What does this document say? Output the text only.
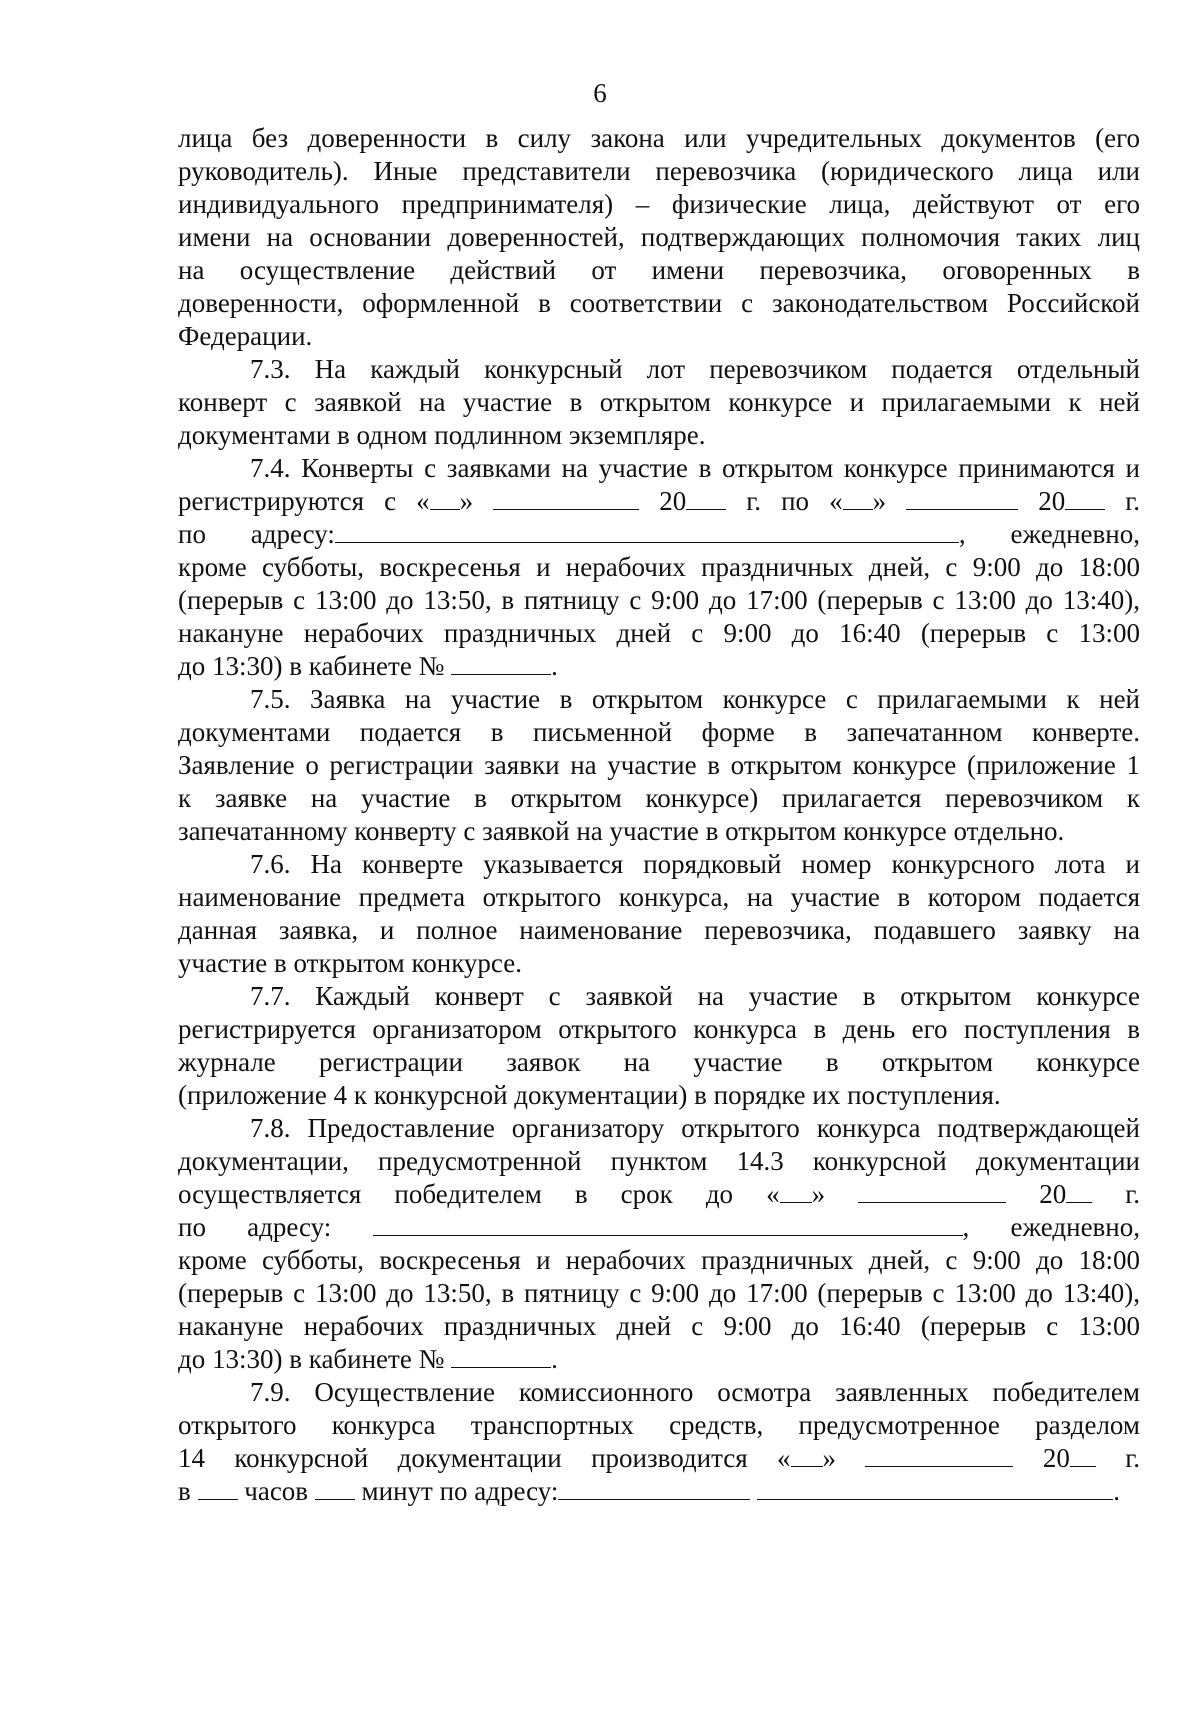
6
лица без доверенности в силу закона или учредительных документов (его
руководитель). Иные представители перевозчика (юридического лица или
индивидуального предпринимателя) – физические лица, действуют от его
имени на основании доверенностей, подтверждающих полномочия таких лиц
на осуществление действий от имени перевозчика, оговоренных в
доверенности, оформленной в соответствии с законодательством Российской
Федерации.
7.3. На каждый конкурсный лот перевозчиком подается отдельный
конверт с заявкой на участие в открытом конкурсе и прилагаемыми к ней
документами в одном подлинном экземпляре.
7.4. Конверты с заявками на участие в открытом конкурсе принимаются и
регистрируются с « »	20 г. по « »	20 г.
по адресу:	, ежедневно,
кроме субботы, воскресенья и нерабочих праздничных дней, с 9:00 до 18:00
(перерыв с 13:00 до 13:50, в пятницу с 9:00 до 17:00 (перерыв с 13:00 до 13:40),
накануне нерабочих праздничных дней с 9:00 до 16:40 (перерыв с 13:00
до 13:30) в кабинете №	.
7.5. Заявка на участие в открытом конкурсе с прилагаемыми к ней
документами подается в письменной форме в запечатанном конверте.
Заявление о регистрации заявки на участие в открытом конкурсе (приложение 1
к заявке на участие в открытом конкурсе) прилагается перевозчиком к
запечатанному конверту с заявкой на участие в открытом конкурсе отдельно.
7.6. На конверте указывается порядковый номер конкурсного лота и
наименование предмета открытого конкурса, на участие в котором подается
данная заявка, и полное наименование перевозчика, подавшего заявку на
участие в открытом конкурсе.
7.7. Каждый конверт с заявкой на участие в открытом конкурсе
регистрируется организатором открытого конкурса в день его поступления в
журнале регистрации заявок на участие в открытом конкурсе
(приложение 4 к конкурсной документации) в порядке их поступления.
7.8. Предоставление организатору открытого конкурса подтверждающей
документации, предусмотренной пунктом 14.3 конкурсной документации
осуществляется победителем в срок до « »	20 г.
по адресу:	, ежедневно,
кроме субботы, воскресенья и нерабочих праздничных дней, с 9:00 до 18:00
(перерыв с 13:00 до 13:50, в пятницу с 9:00 до 17:00 (перерыв с 13:00 до 13:40),
накануне нерабочих праздничных дней с 9:00 до 16:40 (перерыв с 13:00
до 13:30) в кабинете №	.
7.9. Осуществление комиссионного осмотра заявленных победителем
открытого конкурса транспортных средств, предусмотренное разделом
14 конкурсной документации производится « »	20 г.
в часов минут по адресу:	.
